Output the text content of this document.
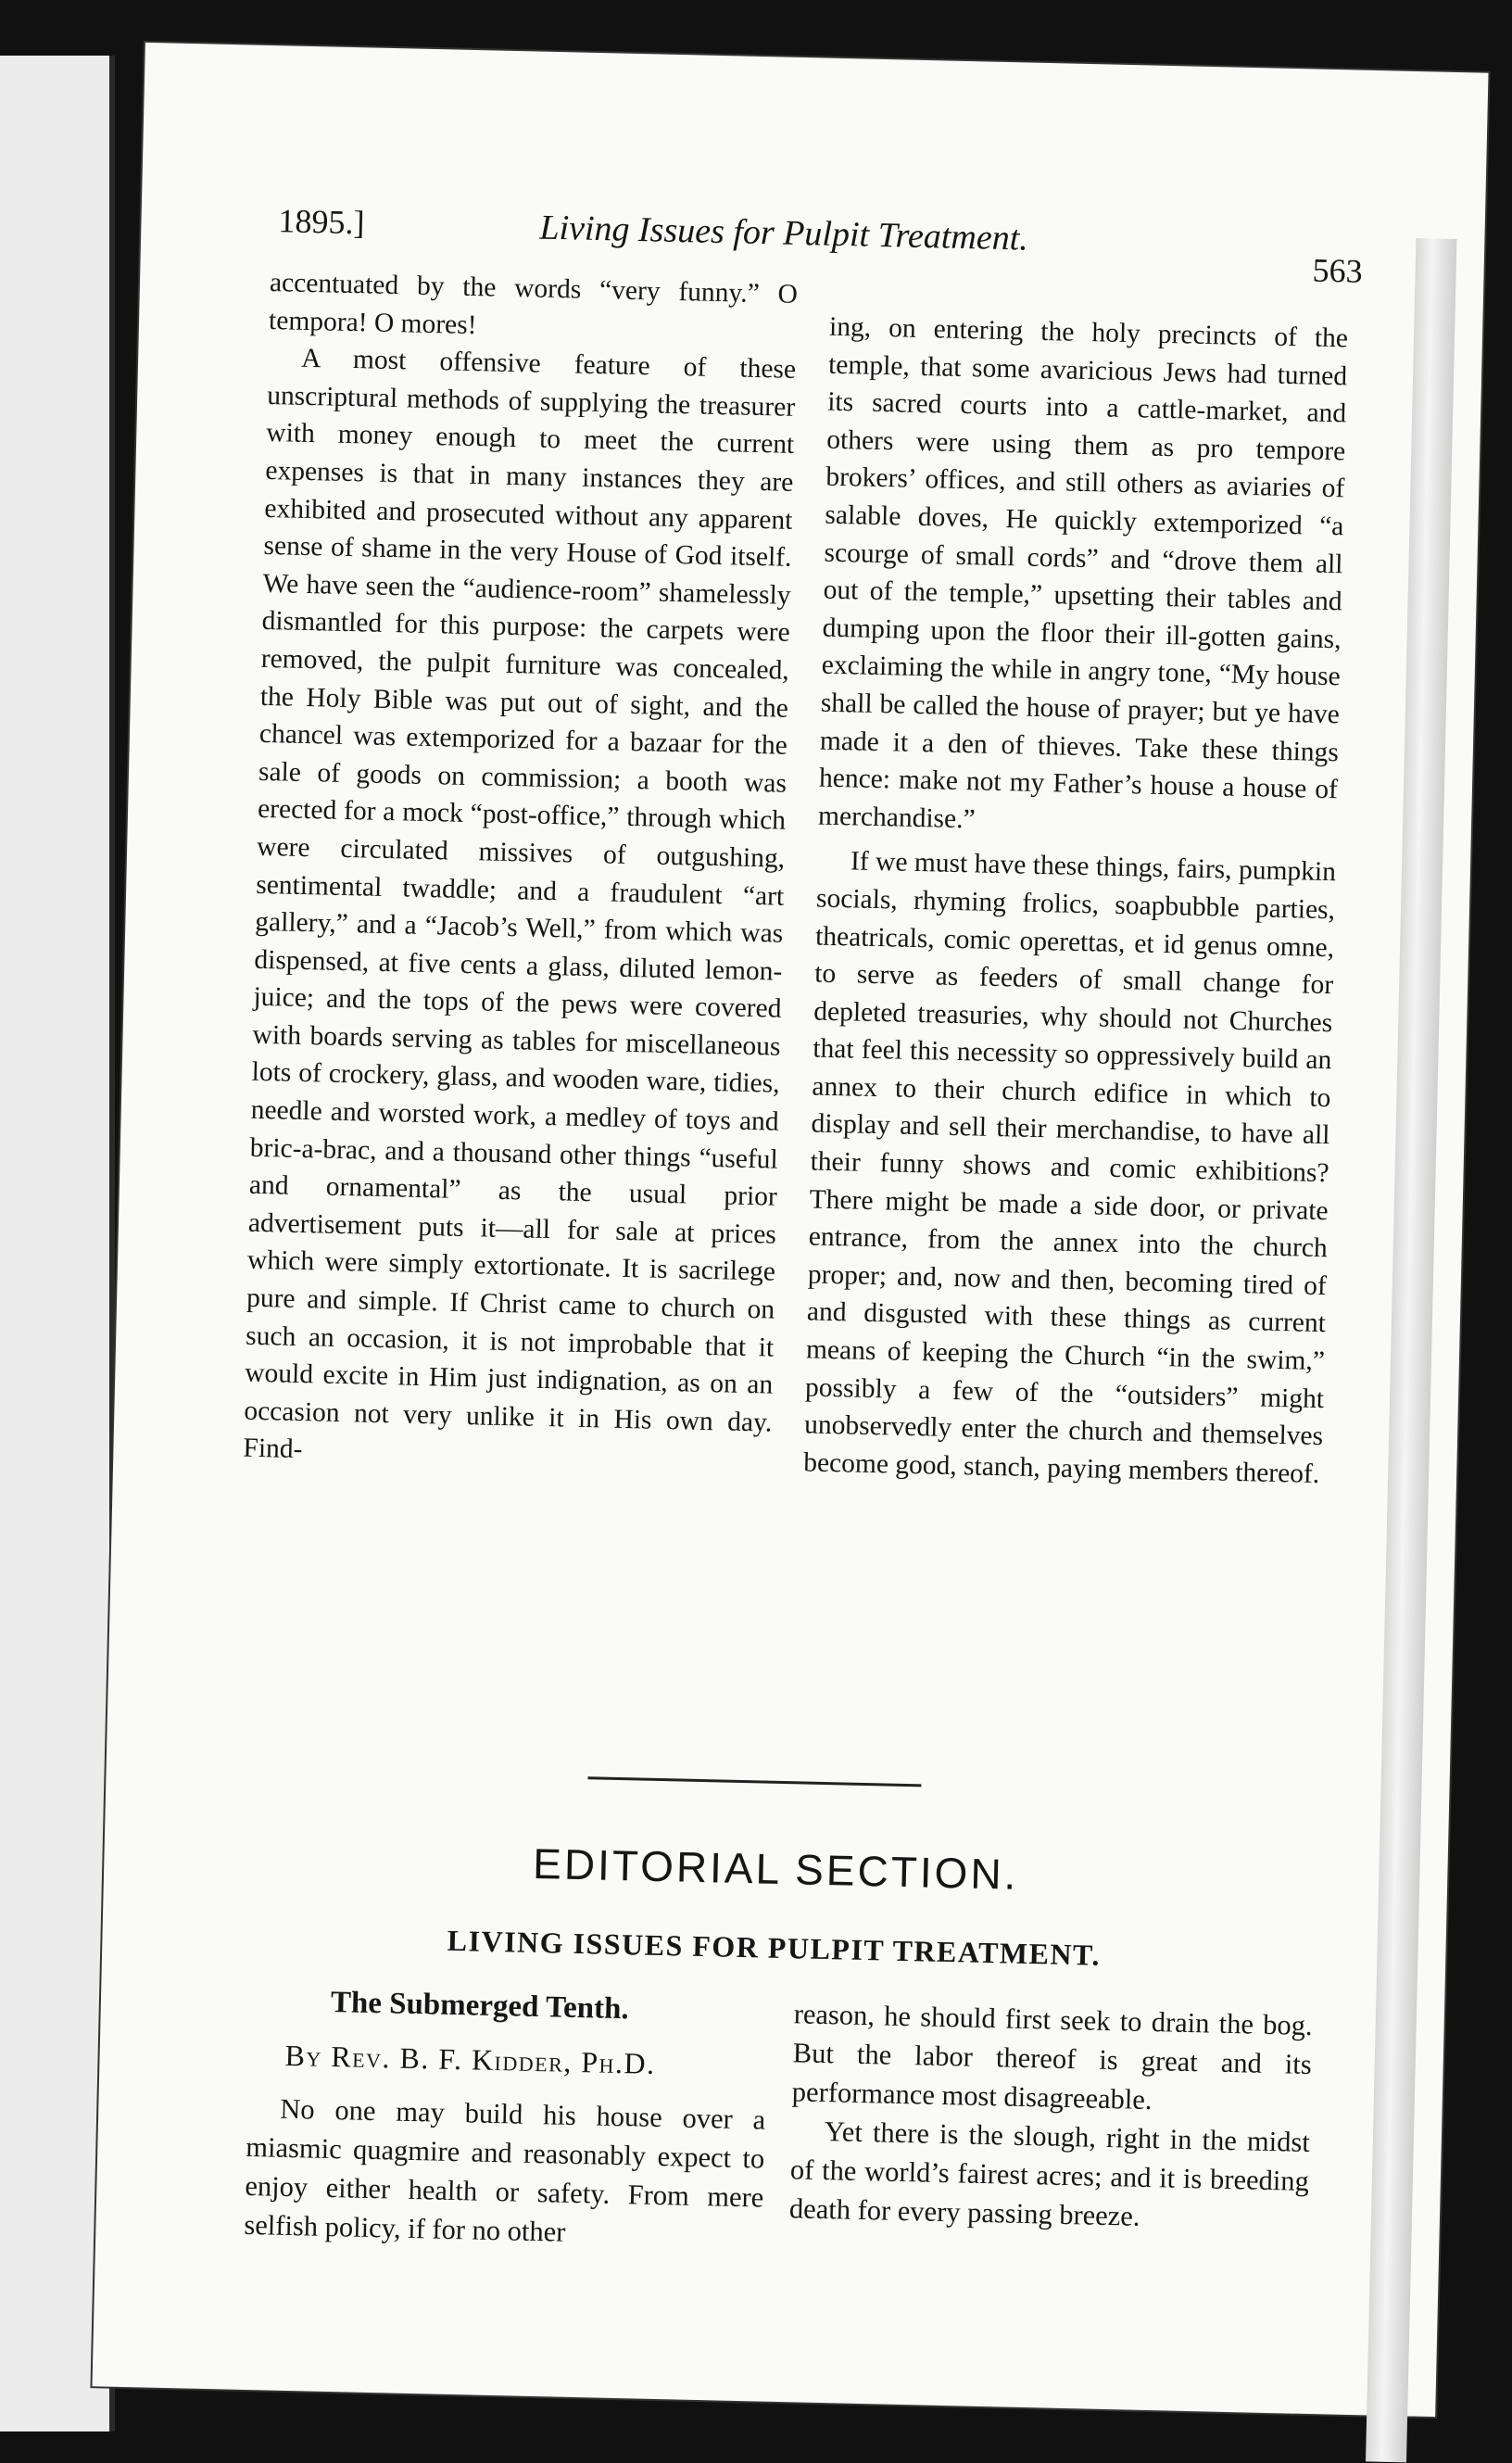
1895.]	Living Issues for Pulpit Treatment.
563

accentuated by the words “very funny.” O tempora! O mores!

A most offensive feature of these unscriptural methods of supplying the treasurer with money enough to meet the current expenses is that in many instances they are exhibited and prosecuted without any apparent sense of shame in the very House of God itself. We have seen the “audience-room” shamelessly dismantled for this purpose: the carpets were removed, the pulpit furniture was concealed, the Holy Bible was put out of sight, and the chancel was extemporized for a bazaar for the sale of goods on commission; a booth was erected for a mock “post-office,” through which were circulated missives of outgushing, sentimental twaddle; and a fraudulent “art gallery,” and a “Jacob’s Well,” from which was dispensed, at five cents a glass, diluted lemon-juice; and the tops of the pews were covered with boards serving as tables for miscellaneous lots of crockery, glass, and wooden ware, tidies, needle and worsted work, a medley of toys and bric-a-brac, and a thousand other things “useful and ornamental” as the usual prior advertisement puts it—all for sale at prices which were simply extortionate. It is sacrilege pure and simple. If Christ came to church on such an occasion, it is not improbable that it would excite in Him just indignation, as on an occasion not very unlike it in His own day. Find-

ing, on entering the holy precincts of the temple, that some avaricious Jews had turned its sacred courts into a cattle-market, and others were using them as pro tempore brokers’ offices, and still others as aviaries of salable doves, He quickly extemporized “a scourge of small cords” and “drove them all out of the temple,” upsetting their tables and dumping upon the floor their ill-gotten gains, exclaiming the while in angry tone, “My house shall be called the house of prayer; but ye have made it a den of thieves. Take these things hence: make not my Father’s house a house of merchandise.”

If we must have these things, fairs, pumpkin socials, rhyming frolics, soapbubble parties, theatricals, comic operettas, et id genus omne, to serve as feeders of small change for depleted treasuries, why should not Churches that feel this necessity so oppressively build an annex to their church edifice in which to display and sell their merchandise, to have all their funny shows and comic exhibitions? There might be made a side door, or private entrance, from the annex into the church proper; and, now and then, becoming tired of and disgusted with these things as current means of keeping the Church “in the swim,” possibly a few of the “outsiders” might unobservedly enter the church and themselves become good, stanch, paying members thereof.

EDITORIAL SECTION.
LIVING ISSUES FOR PULPIT TREATMENT.
The Submerged Tenth.
By Rev. B. F. Kidder, Ph.D.

No one may build his house over a miasmic quagmire and reasonably expect to enjoy either health or safety. From mere selfish policy, if for no other

reason, he should first seek to drain the bog. But the labor thereof is great and its performance most disagreeable.

Yet there is the slough, right in the midst of the world’s fairest acres; and it is breeding death for every passing breeze.
